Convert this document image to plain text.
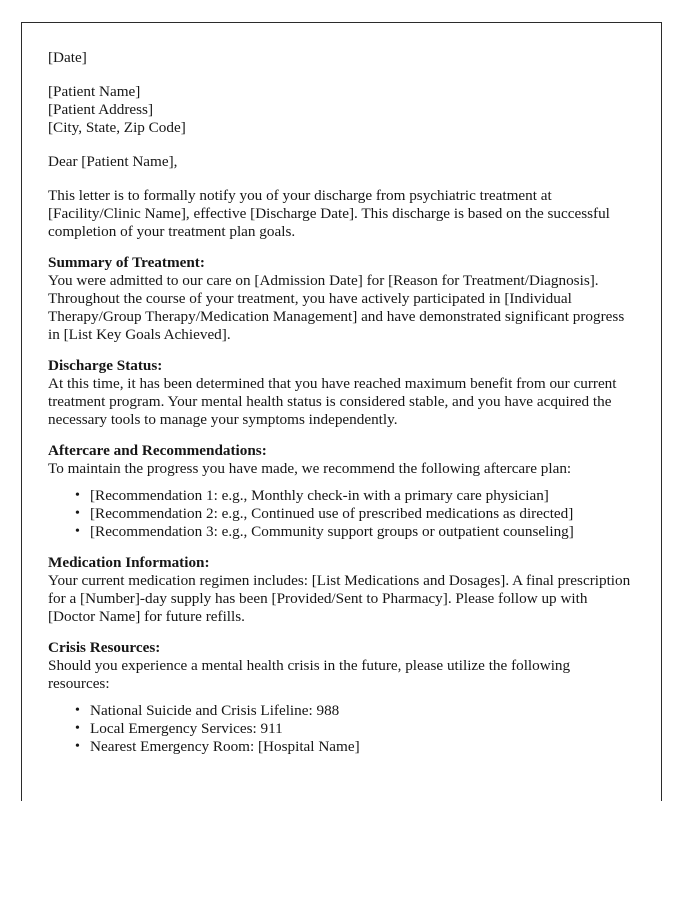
[Date]
[Patient Name]
[Patient Address]
[City, State, Zip Code]
Dear [Patient Name],
This letter is to formally notify you of your discharge from psychiatric treatment at [Facility/Clinic Name], effective [Discharge Date]. This discharge is based on the successful completion of your treatment plan goals.
Summary of Treatment:
You were admitted to our care on [Admission Date] for [Reason for Treatment/Diagnosis]. Throughout the course of your treatment, you have actively participated in [Individual Therapy/Group Therapy/Medication Management] and have demonstrated significant progress in [List Key Goals Achieved].
Discharge Status:
At this time, it has been determined that you have reached maximum benefit from our current treatment program. Your mental health status is considered stable, and you have acquired the necessary tools to manage your symptoms independently.
Aftercare and Recommendations:
To maintain the progress you have made, we recommend the following aftercare plan:
• [Recommendation 1: e.g., Monthly check-in with a primary care physician]
• [Recommendation 2: e.g., Continued use of prescribed medications as directed]
• [Recommendation 3: e.g., Community support groups or outpatient counseling]
Medication Information:
Your current medication regimen includes: [List Medications and Dosages]. A final prescription for a [Number]-day supply has been [Provided/Sent to Pharmacy]. Please follow up with [Doctor Name] for future refills.
Crisis Resources:
Should you experience a mental health crisis in the future, please utilize the following resources:
• National Suicide and Crisis Lifeline: 988
• Local Emergency Services: 911
• Nearest Emergency Room: [Hospital Name]
